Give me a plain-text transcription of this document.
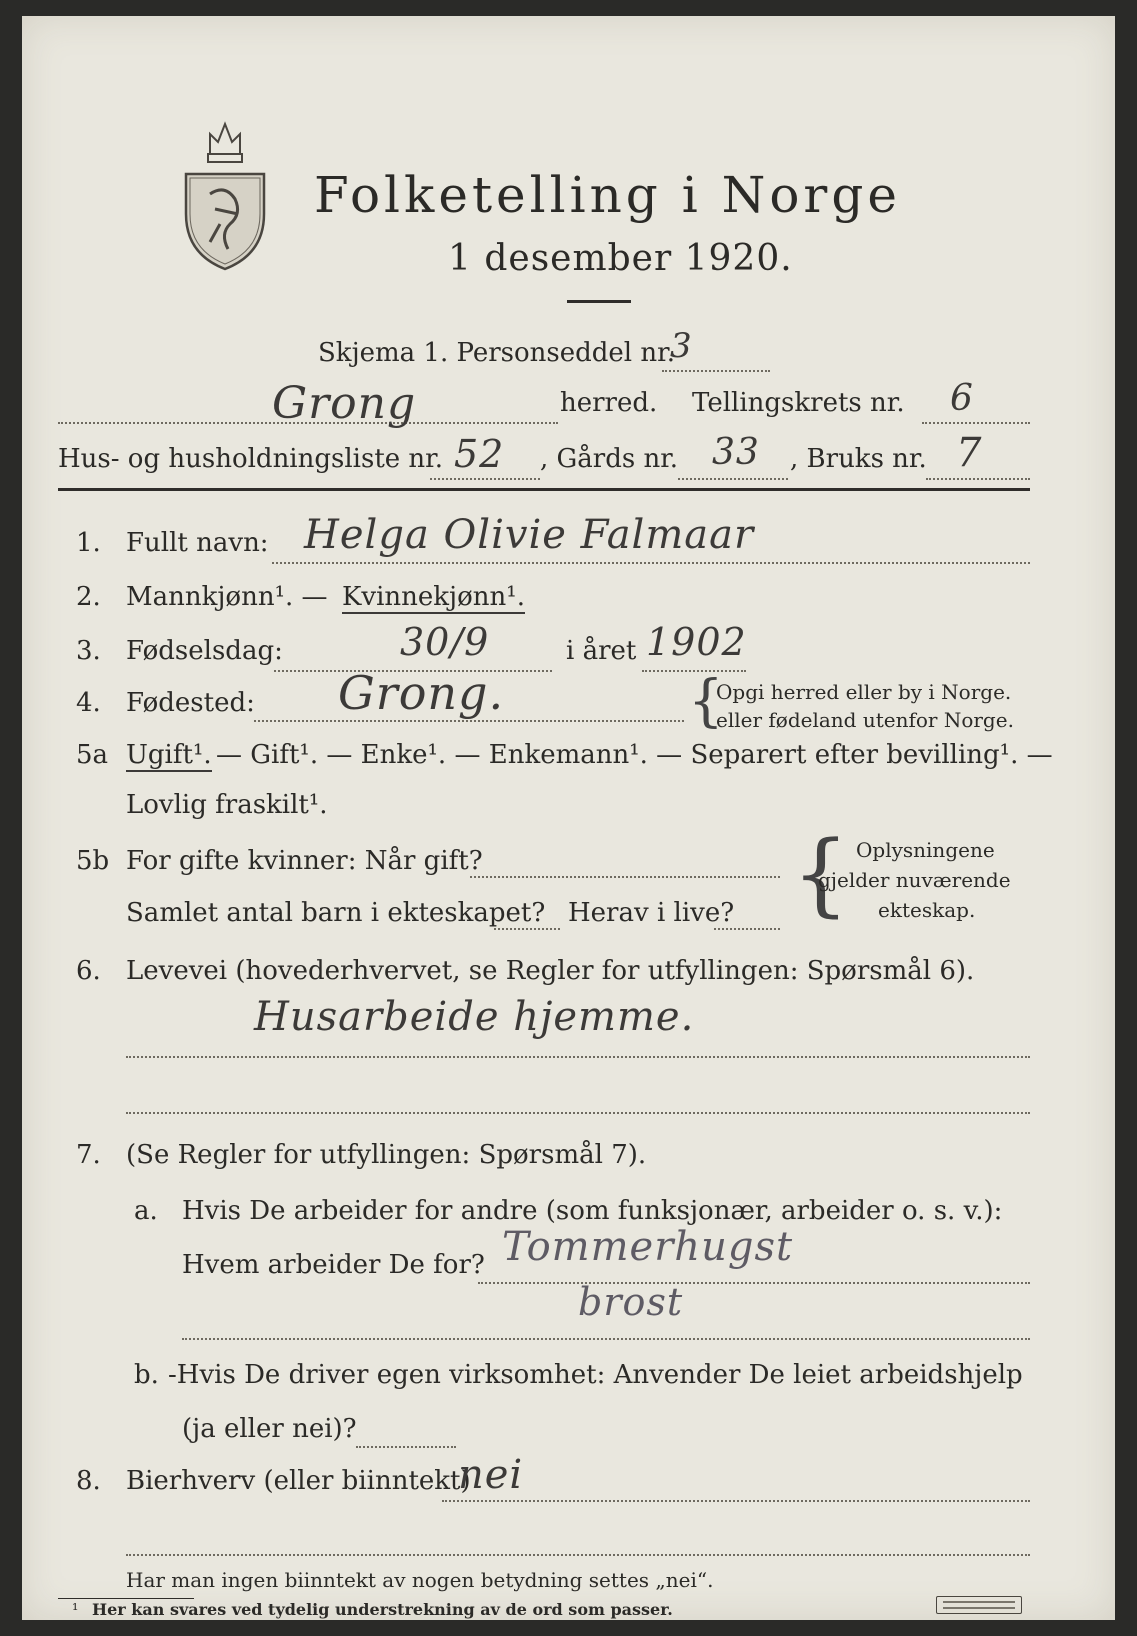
Folketelling i Norge
1 desember 1920.
Skjema 1. Personseddel nr.
3
Grong	herred. Tellingskrets nr. 6
Hus- og husholdningsliste nr. 52 , Gårds nr. 33 , Bruks nr. 7
1. Fullt navn: Helga Olivie Falmaar
2. Mannkjønn¹. — Kvinnekjønn¹.
3. Fødselsdag:	30/9	i året 1902
4. Fødested: Grong.	{
Opgi herred eller by i Norge.
eller fødeland utenfor Norge.
5a Ugift¹. — Gift¹. — Enke¹. — Enkemann¹. — Separert efter bevilling¹. —
Lovlig fraskilt¹.
5b For gifte kvinner: Når gift?
Samlet antal barn i ekteskapet? Herav i live? { Oplysningene
gjelder nuværende
ekteskap.
6. Levevei (hovederhvervet, se Regler for utfyllingen: Spørsmål 6).
Husarbeide hjemme.
7. (Se Regler for utfyllingen: Spørsmål 7).
a. Hvis De arbeider for andre (som funksjonær, arbeider o. s. v.):
Hvem arbeider De for? Tommerhugst
brost
b. -Hvis De driver egen virksomhet: Anvender De leiet arbeidshjelp
(ja eller nei)?
8. Bierhverv (eller biinntekt)
nei
Har man ingen biinntekt av nogen betydning settes „nei“.
¹ Her kan svares ved tydelig understrekning av de ord som passer.
